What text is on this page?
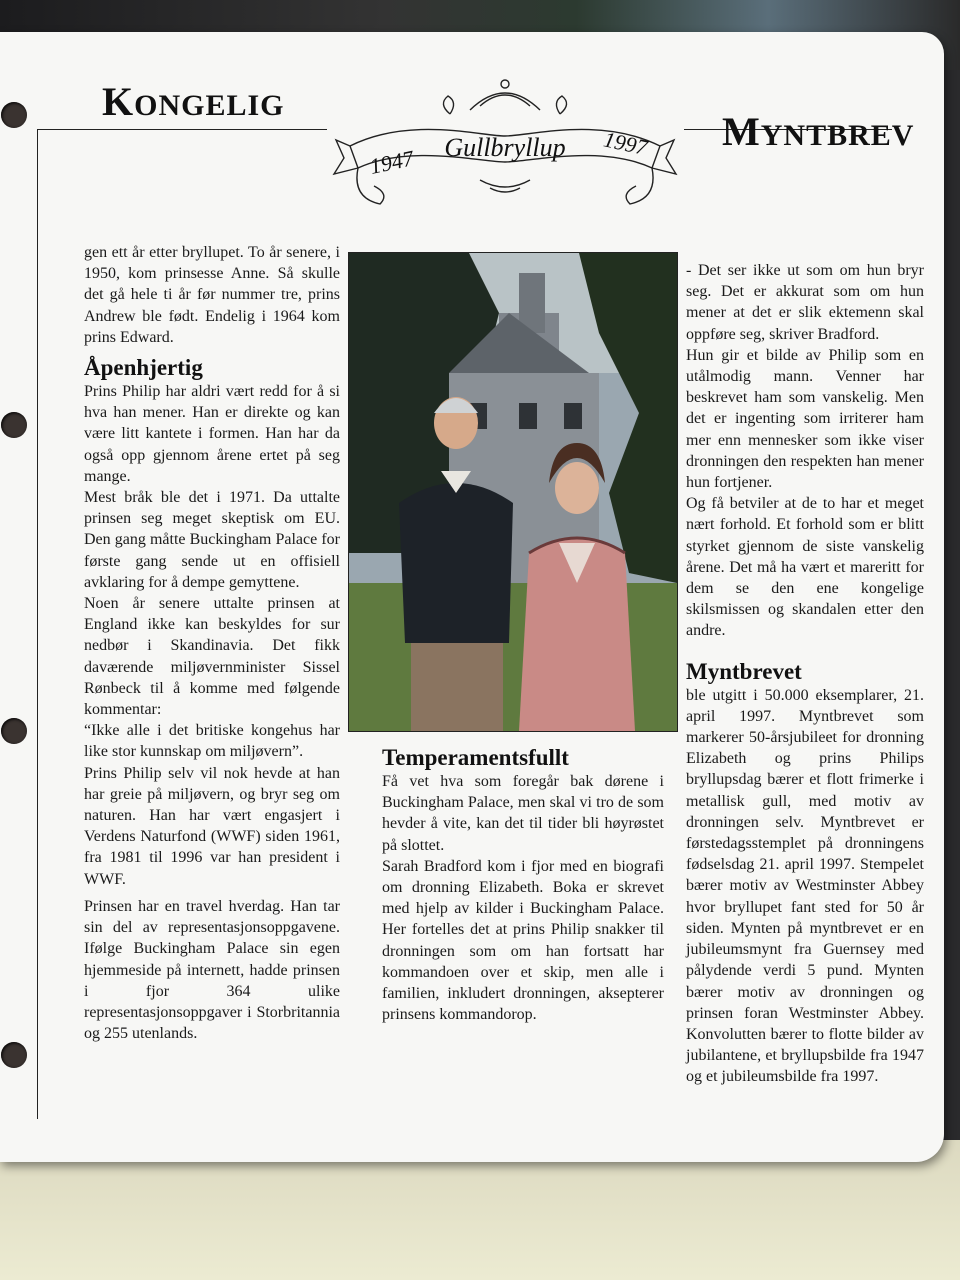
KONGELIG
MYNTBREV
1947 Gullbryllup 1997

gen ett år etter bryllupet. To år senere, i 1950, kom prinsesse Anne. Så skulle det gå hele ti år før nummer tre, prins Andrew ble født. Endelig i 1964 kom prins Edward.

Åpenhjertig

Prins Philip har aldri vært redd for å si hva han mener. Han er direkte og kan være litt kantete i formen. Han har da også opp gjennom årene ertet på seg mange.

Mest bråk ble det i 1971. Da uttalte prinsen seg meget skeptisk om EU. Den gang måtte Buckingham Palace for første gang sende ut en offisiell avklaring for å dempe gemyttene.

Noen år senere uttalte prinsen at England ikke kan beskyldes for sur nedbør i Skandinavia. Det fikk daværende miljøvernminister Sissel Rønbeck til å komme med følgende kommentar:

“Ikke alle i det britiske kongehus har like stor kunnskap om miljøvern”.

Prins Philip selv vil nok hevde at han har greie på miljøvern, og bryr seg om naturen. Han har vært engasjert i Verdens Naturfond (WWF) siden 1961, fra 1981 til 1996 var han president i WWF.

Prinsen har en travel hverdag. Han tar sin del av representasjonsoppgavene. Ifølge Buckingham Palace sin egen hjemmeside på internett, hadde prinsen i fjor 364 ulike representasjonsoppgaver i Storbritannia og 255 utenlands.

Temperamentsfullt

Få vet hva som foregår bak dørene i Buckingham Palace, men skal vi tro de som hevder å vite, kan det til tider bli høyrøstet på slottet.

Sarah Bradford kom i fjor med en biografi om dronning Elizabeth. Boka er skrevet med hjelp av kilder i Buckingham Palace. Her fortelles det at prins Philip snakker til dronningen som om han fortsatt har kommandoen over et skip, men alle i familien, inkludert dronningen, aksepterer prinsens kommandorop.

- Det ser ikke ut som om hun bryr seg. Det er akkurat som om hun mener at det er slik ektemenn skal oppføre seg, skriver Bradford.

Hun gir et bilde av Philip som en utålmodig mann. Venner har beskrevet ham som vanskelig. Men det er ingenting som irriterer ham mer enn mennesker som ikke viser dronningen den respekten han mener hun fortjener.

Og få betviler at de to har et meget nært forhold. Et forhold som er blitt styrket gjennom de siste vanskelig årene. Det må ha vært et mareritt for dem se den ene kongelige skilsmissen og skandalen etter den andre.

Myntbrevet

ble utgitt i 50.000 eksemplarer, 21. april 1997. Myntbrevet som markerer 50-årsjubileet for dronning Elizabeth og prins Philips bryllupsdag bærer et flott frimerke i metallisk gull, med motiv av dronningen selv. Myntbrevet er førstedagsstemplet på dronningens fødselsdag 21. april 1997. Stempelet bærer motiv av Westminster Abbey hvor bryllupet fant sted for 50 år siden. Mynten på myntbrevet er en jubileumsmynt fra Guernsey med pålydende verdi 5 pund. Mynten bærer motiv av dronningen og prinsen foran Westminster Abbey. Konvolutten bærer to flotte bilder av jubilantene, et bryllupsbilde fra 1947 og et jubileumsbilde fra 1997.
